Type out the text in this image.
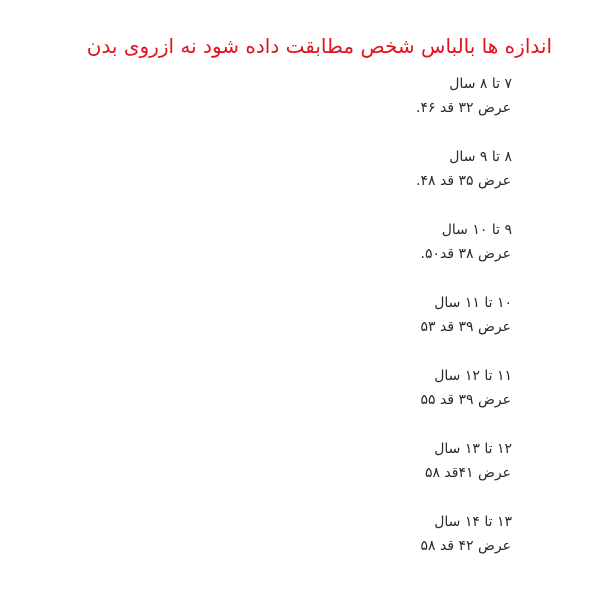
اندازه ها بالباس شخص مطابقت داده شود نه ازروی بدن
۷ تا ۸ سال
عرض ۳۲ قد ۴۶.
۸ تا ۹ سال
عرض ۳۵ قد ۴۸.
۹ تا ۱۰ سال
عرض ۳۸ قد۵۰.
۱۰ تا ۱۱ سال
عرض ۳۹ قد ۵۳
۱۱ تا ۱۲ سال
عرض ۳۹ قد ۵۵
۱۲ تا ۱۳ سال
عرض ۴۱قد ۵۸
۱۳ تا ۱۴ سال
عرض ۴۲ قد ۵۸
